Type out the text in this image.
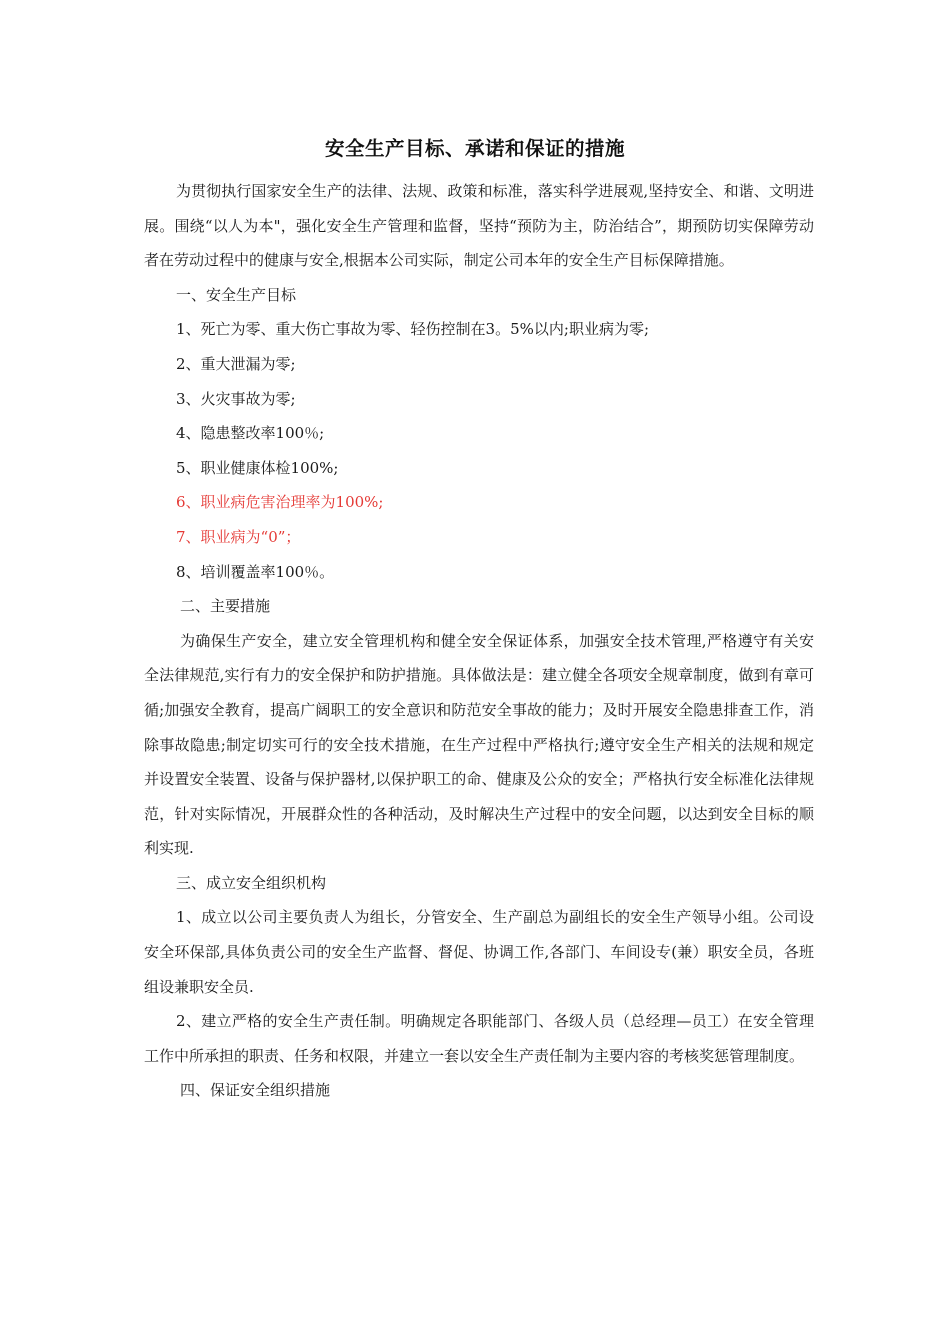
安全生产目标、承诺和保证的措施

为贯彻执行国家安全生产的法律、法规、政策和标准，落实科学进展观,坚持安全、和谐、文明进展。围绕“以人为本"，强化安全生产管理和监督，坚持“预防为主，防治结合”，期预防切实保障劳动者在劳动过程中的健康与安全,根据本公司实际，制定公司本年的安全生产目标保障措施。

一、安全生产目标

1、死亡为零、重大伤亡事故为零、轻伤控制在3。5%以内;职业病为零;

2、重大泄漏为零;

3、火灾事故为零;

4、隐患整改率100％;

5、职业健康体检100%;

6、职业病危害治理率为100%;

7、职业病为“0”；

8、培训覆盖率100％。

二、主要措施

为确保生产安全，建立安全管理机构和健全安全保证体系，加强安全技术管理,严格遵守有关安全法律规范,实行有力的安全保护和防护措施。具体做法是：建立健全各项安全规章制度，做到有章可循;加强安全教育，提高广阔职工的安全意识和防范安全事故的能力；及时开展安全隐患排查工作，消除事故隐患;制定切实可行的安全技术措施，在生产过程中严格执行;遵守安全生产相关的法规和规定并设置安全装置、设备与保护器材,以保护职工的命、健康及公众的安全；严格执行安全标准化法律规范，针对实际情况，开展群众性的各种活动，及时解决生产过程中的安全问题，以达到安全目标的顺利实现.

三、成立安全组织机构

1、成立以公司主要负责人为组长，分管安全、生产副总为副组长的安全生产领导小组。公司设安全环保部,具体负责公司的安全生产监督、督促、协调工作,各部门、车间设专(兼）职安全员，各班组设兼职安全员.

2、建立严格的安全生产责任制。明确规定各职能部门、各级人员（总经理—员工）在安全管理工作中所承担的职责、任务和权限，并建立一套以安全生产责任制为主要内容的考核奖惩管理制度。

四、保证安全组织措施
